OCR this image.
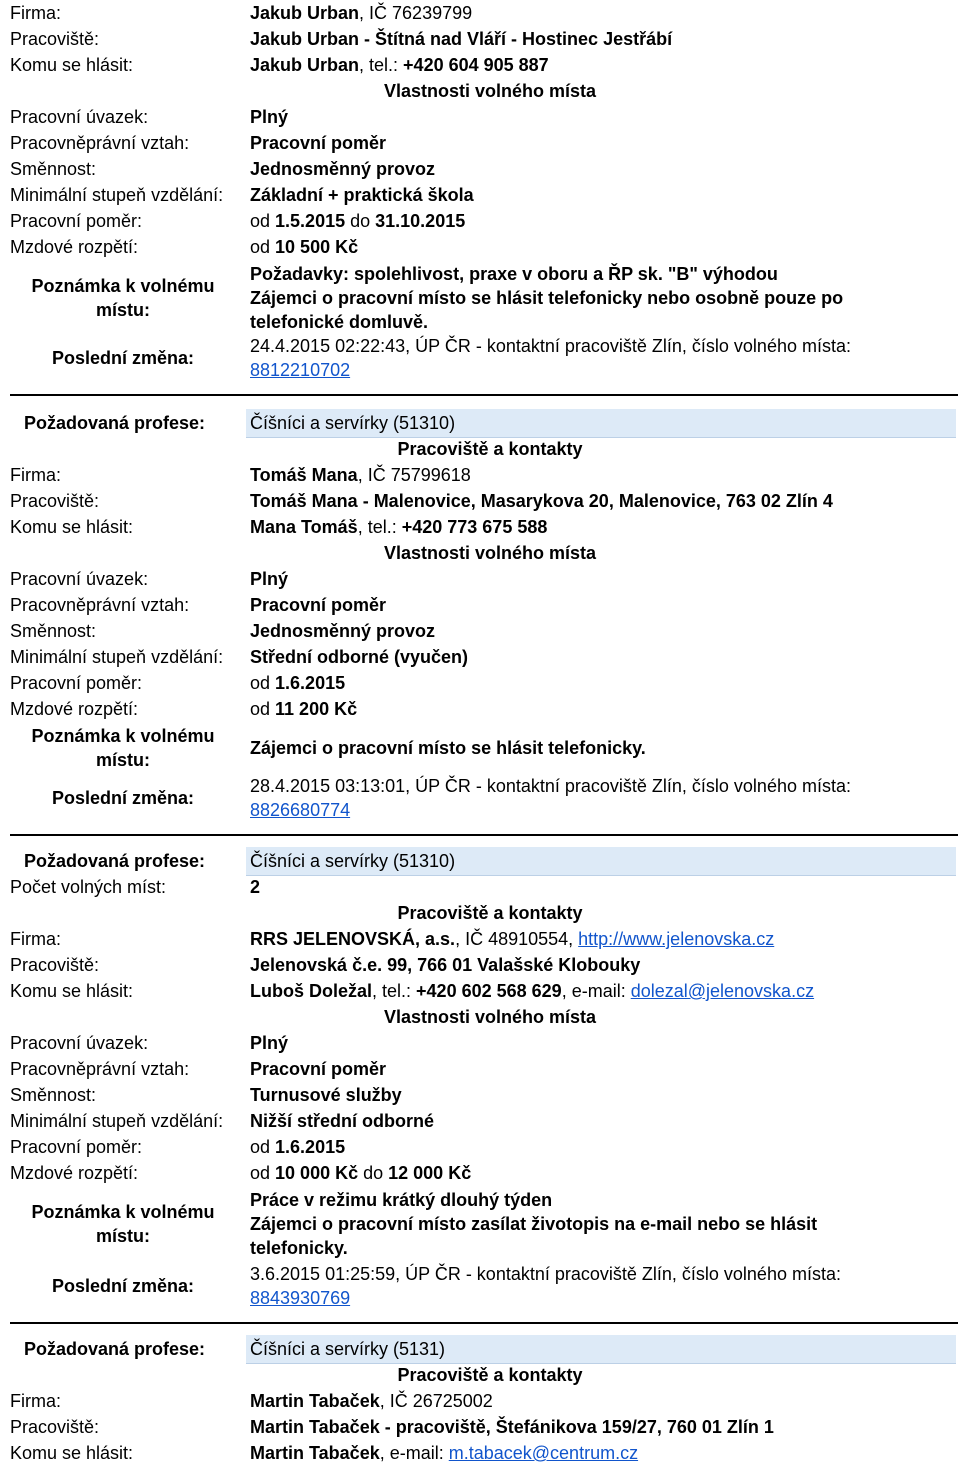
Firma:	Jakub Urban, IČ 76239799
Pracoviště:	Jakub Urban - Štítná nad Vláří - Hostinec Jestřábí
Komu se hlásit:	Jakub Urban, tel.: +420 604 905 887
Vlastnosti volného místa
Pracovní úvazek:	Plný
Pracovněprávní vztah:	Pracovní poměr
Směnnost:	Jednosměnný provoz
Minimální stupeň vzdělání: Základní + praktická škola
Pracovní poměr:	od 1.5.2015 do 31.10.2015
Mzdové rozpětí:	od 10 500 Kč
Poznámka k volnému
místu:
Požadavky: spolehlivost, praxe v oboru a ŘP sk. "B" výhodou
Zájemci o pracovní místo se hlásit telefonicky nebo osobně pouze po
telefonické domluvě.
Poslední změna:
24.4.2015 02:22:43, ÚP ČR - kontaktní pracoviště Zlín, číslo volného místa:
8812210702
Požadovaná profese: Číšníci a servírky (51310)
Pracoviště a kontakty
Firma:	Tomáš Mana, IČ 75799618
Pracoviště:	Tomáš Mana - Malenovice, Masarykova 20, Malenovice, 763 02 Zlín 4
Komu se hlásit:	Mana Tomáš, tel.: +420 773 675 588
Vlastnosti volného místa
Pracovní úvazek:	Plný
Pracovněprávní vztah:	Pracovní poměr
Směnnost:	Jednosměnný provoz
Minimální stupeň vzdělání: Střední odborné (vyučen)
Pracovní poměr:	od 1.6.2015
Mzdové rozpětí:	od 11 200 Kč
Poznámka k volnému
místu:
Zájemci o pracovní místo se hlásit telefonicky.
Poslední změna:
28.4.2015 03:13:01, ÚP ČR - kontaktní pracoviště Zlín, číslo volného místa:
8826680774
Požadovaná profese: Číšníci a servírky (51310)
Počet volných míst:	2
Pracoviště a kontakty
Firma:	RRS JELENOVSKÁ, a.s., IČ 48910554, http://www.jelenovska.cz
Pracoviště:	Jelenovská č.e. 99, 766 01 Valašské Klobouky
Komu se hlásit:	Luboš Doležal, tel.: +420 602 568 629, e-mail: dolezal@jelenovska.cz
Vlastnosti volného místa
Pracovní úvazek:	Plný
Pracovněprávní vztah:	Pracovní poměr
Směnnost:	Turnusové služby
Minimální stupeň vzdělání: Nižší střední odborné
Pracovní poměr:	od 1.6.2015
Mzdové rozpětí:	od 10 000 Kč do 12 000 Kč
Poznámka k volnému
místu:
Práce v režimu krátký dlouhý týden
Zájemci o pracovní místo zasílat životopis na e-mail nebo se hlásit
telefonicky.
Poslední změna:
3.6.2015 01:25:59, ÚP ČR - kontaktní pracoviště Zlín, číslo volného místa:
8843930769
Požadovaná profese: Číšníci a servírky (5131)
Pracoviště a kontakty
Firma:	Martin Tabaček, IČ 26725002
Pracoviště:	Martin Tabaček - pracoviště, Štefánikova 159/27, 760 01 Zlín 1
Komu se hlásit:	Martin Tabaček, e-mail: m.tabacek@centrum.cz
